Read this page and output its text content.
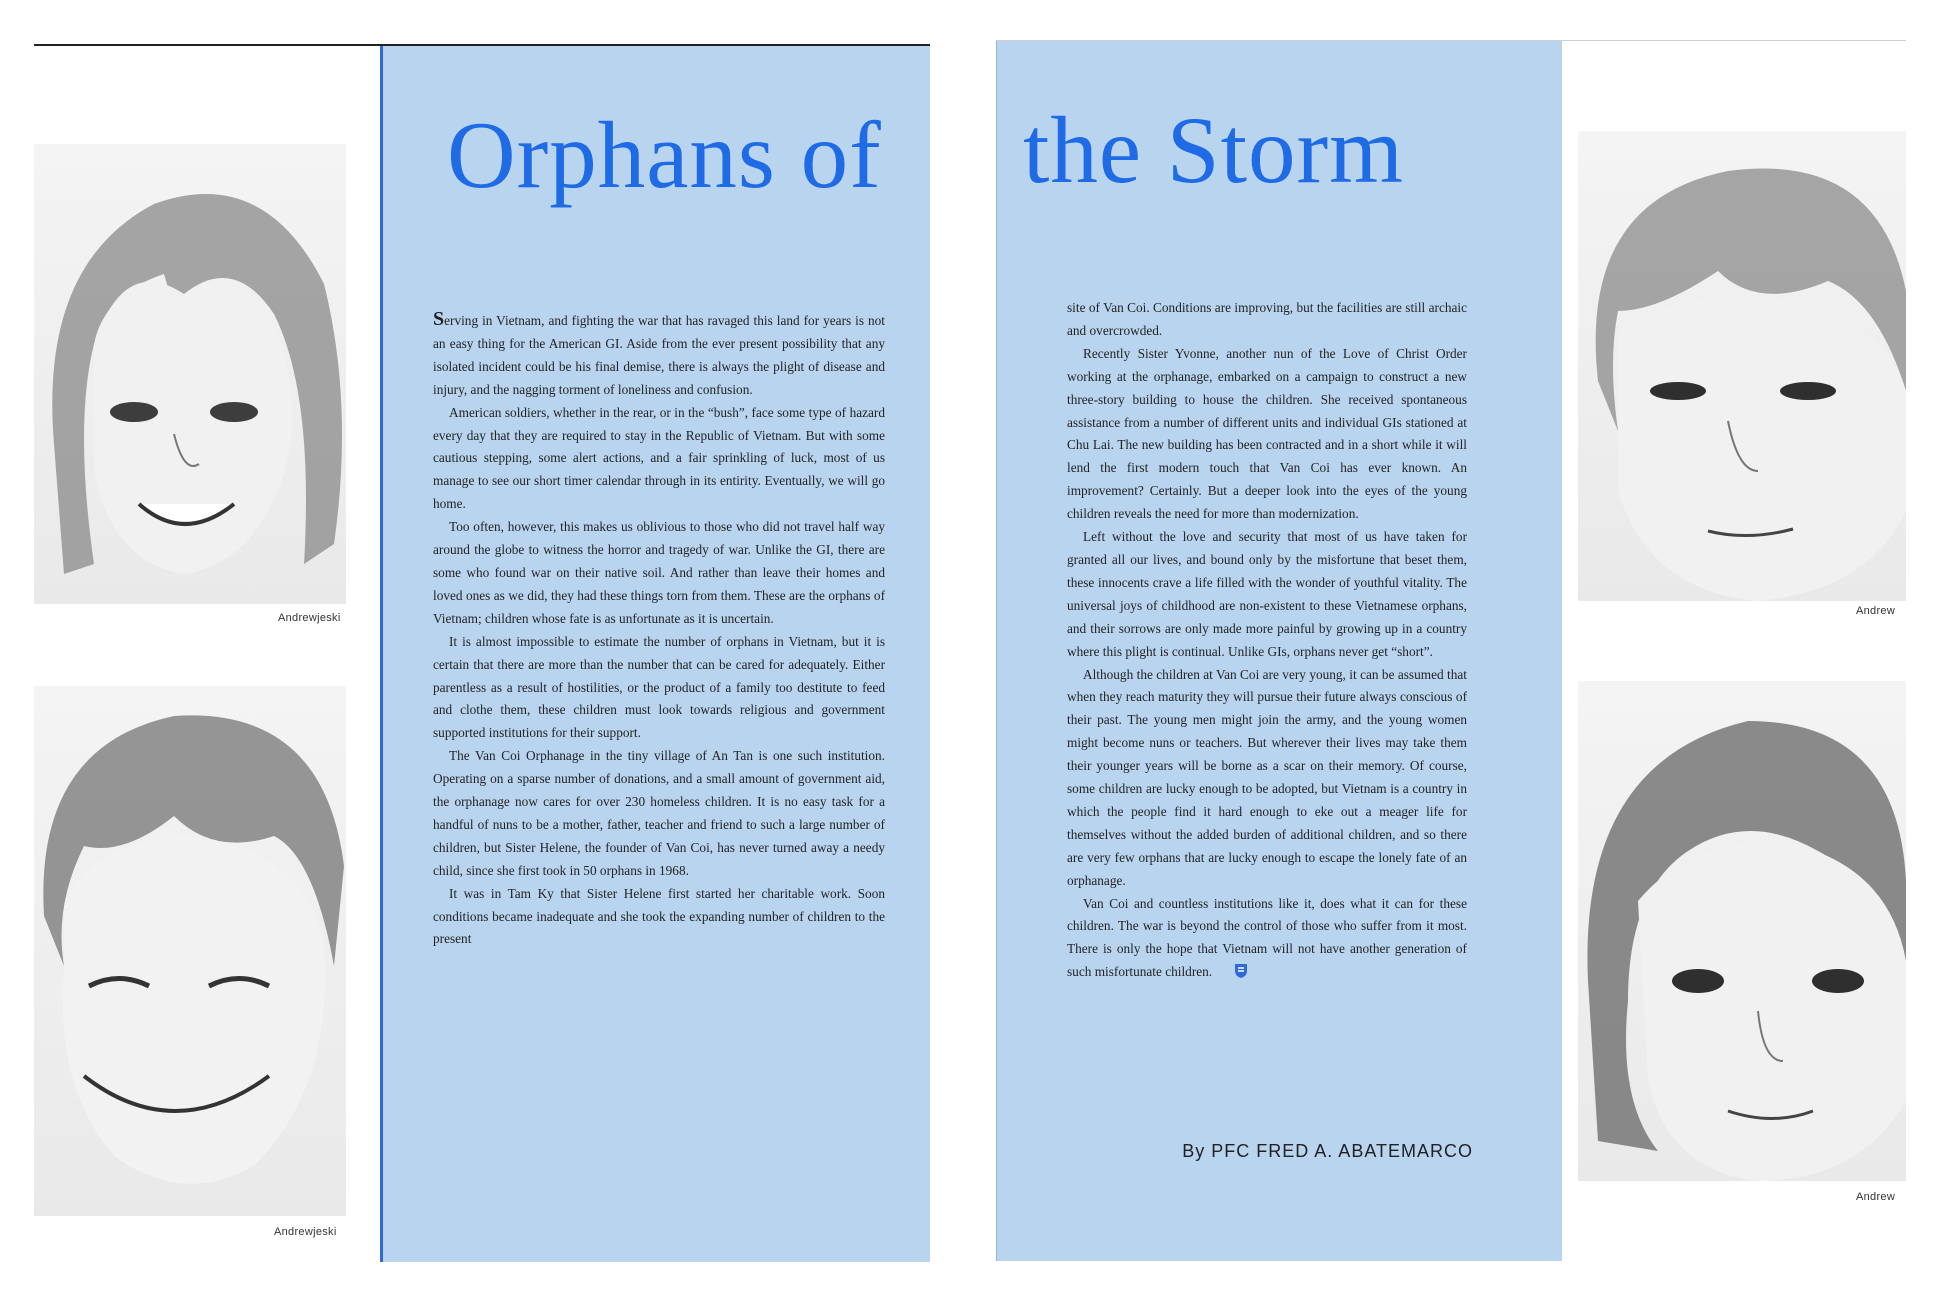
Andrewjeski
Andrewjeski
Orphans of

Serving in Vietnam, and fighting the war that has ravaged this land for years is not an easy thing for the American GI. Aside from the ever present possibility that any isolated incident could be his final demise, there is always the plight of disease and injury, and the nagging torment of loneliness and confusion.

American soldiers, whether in the rear, or in the “bush”, face some type of hazard every day that they are required to stay in the Republic of Vietnam. But with some cautious stepping, some alert actions, and a fair sprinkling of luck, most of us manage to see our short timer calendar through in its entirity. Eventually, we will go home.

Too often, however, this makes us oblivious to those who did not travel half way around the globe to witness the horror and tragedy of war. Unlike the GI, there are some who found war on their native soil. And rather than leave their homes and loved ones as we did, they had these things torn from them. These are the orphans of Vietnam; children whose fate is as unfortunate as it is uncertain.

It is almost impossible to estimate the number of orphans in Vietnam, but it is certain that there are more than the number that can be cared for adequately. Either parentless as a result of hostilities, or the product of a family too destitute to feed and clothe them, these children must look towards religious and government supported institutions for their support.

The Van Coi Orphanage in the tiny village of An Tan is one such institution. Operating on a sparse number of donations, and a small amount of government aid, the orphanage now cares for over 230 homeless children. It is no easy task for a handful of nuns to be a mother, father, teacher and friend to such a large number of children, but Sister Helene, the founder of Van Coi, has never turned away a needy child, since she first took in 50 orphans in 1968.

It was in Tam Ky that Sister Helene first started her charitable work. Soon conditions became inadequate and she took the expanding number of children to the present

the Storm

site of Van Coi. Conditions are improving, but the facilities are still archaic and overcrowded.

Recently Sister Yvonne, another nun of the Love of Christ Order working at the orphanage, embarked on a campaign to construct a new three-story building to house the children. She received spontaneous assistance from a number of different units and individual GIs stationed at Chu Lai. The new building has been contracted and in a short while it will lend the first modern touch that Van Coi has ever known. An improvement? Certainly. But a deeper look into the eyes of the young children reveals the need for more than modernization.

Left without the love and security that most of us have taken for granted all our lives, and bound only by the misfortune that beset them, these innocents crave a life filled with the wonder of youthful vitality. The universal joys of childhood are non-existent to these Vietnamese orphans, and their sorrows are only made more painful by growing up in a country where this plight is continual. Unlike GIs, orphans never get “short”.

Although the children at Van Coi are very young, it can be assumed that when they reach maturity they will pursue their future always conscious of their past. The young men might join the army, and the young women might become nuns or teachers. But wherever their lives may take them their younger years will be borne as a scar on their memory. Of course, some children are lucky enough to be adopted, but Vietnam is a country in which the people find it hard enough to eke out a meager life for themselves without the added burden of additional children, and so there are very few orphans that are lucky enough to escape the lonely fate of an orphanage.

Van Coi and countless institutions like it, does what it can for these children. The war is beyond the control of those who suffer from it most. There is only the hope that Vietnam will not have another generation of such misfortunate children.

By PFC FRED A. ABATEMARCO
Andrew
Andrew
